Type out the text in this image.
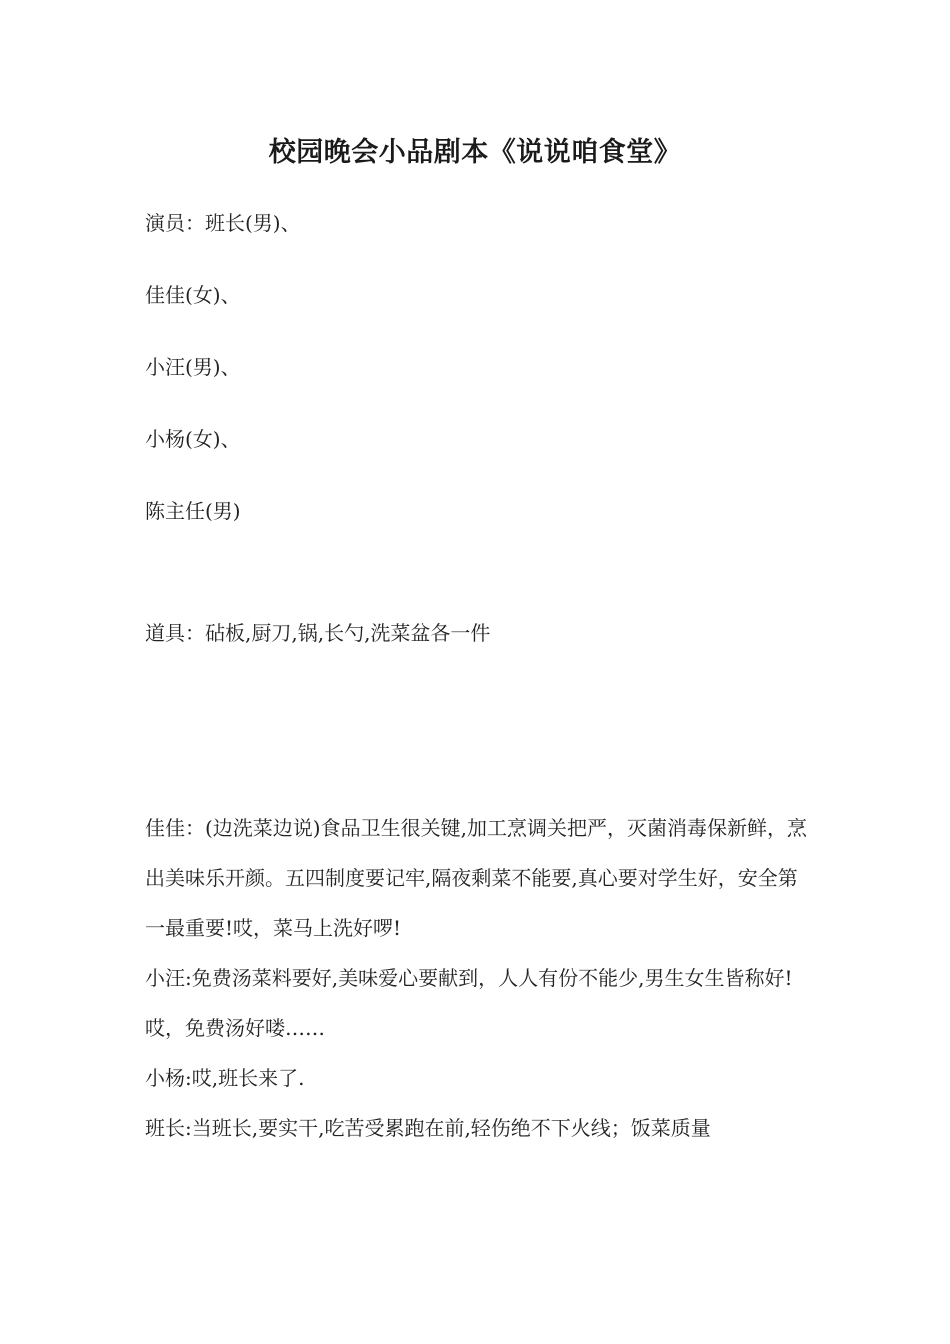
校园晚会小品剧本《说说咱食堂》
演员：班长(男)、
佳佳(女)、
小汪(男)、
小杨(女)、
陈主任(男)
道具：砧板,厨刀,锅,长勺,洗菜盆各一件
佳佳：(边洗菜边说)食品卫生很关键,加工烹调关把严，灭菌消毒保新鲜，烹出美味乐开颜。五四制度要记牢,隔夜剩菜不能要,真心要对学生好，安全第一最重要!哎，菜马上洗好啰!
小汪:免费汤菜料要好,美味爱心要献到，人人有份不能少,男生女生皆称好!哎，免费汤好喽……
小杨:哎,班长来了.
班长:当班长,要实干,吃苦受累跑在前,轻伤绝不下火线；饭菜质量
